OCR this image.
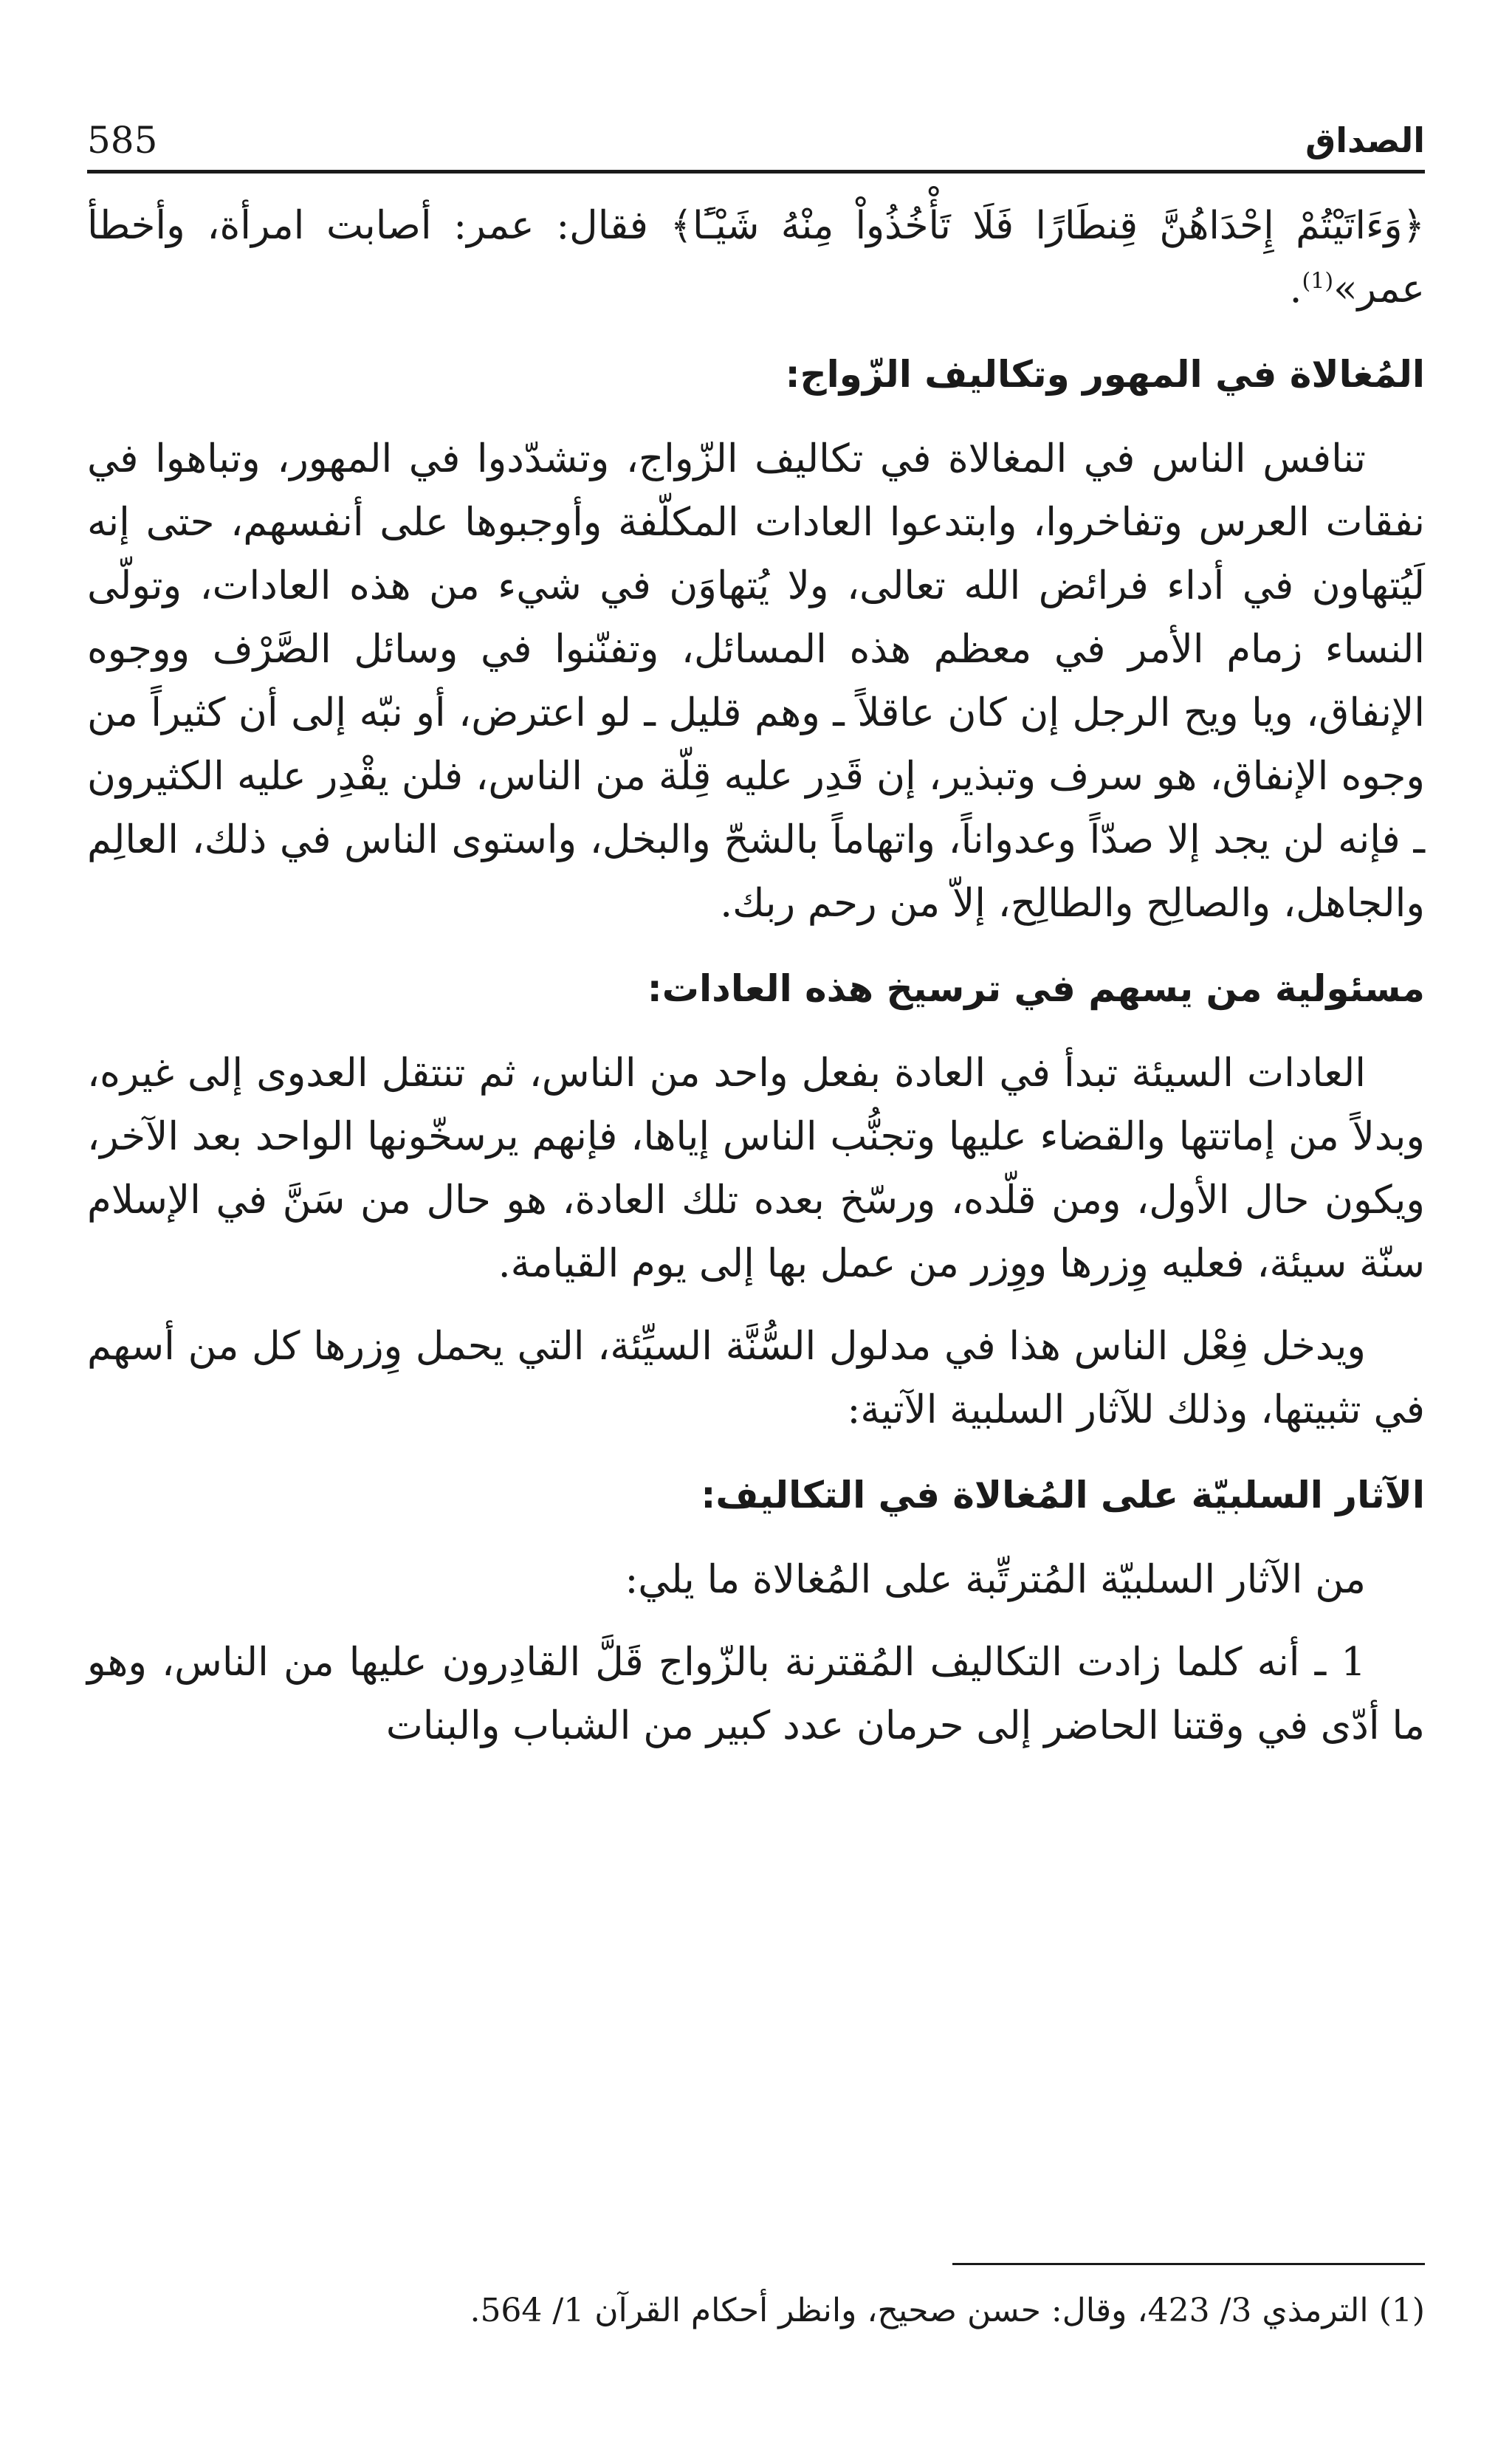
585	الصداق

﴿وَءَاتَيْتُمْ إِحْدَاهُنَّ قِنطَارًا فَلَا تَأْخُذُواْ مِنْهُ شَيْـًٔا﴾ فقال: عمر: أصابت امرأة، وأخطأ عمر»$^{(1)}$.

المُغالاة في المهور وتكاليف الزّواج:

تنافس الناس في المغالاة في تكاليف الزّواج، وتشدّدوا في المهور، وتباهوا في نفقات العرس وتفاخروا، وابتدعوا العادات المكلّفة وأوجبوها على أنفسهم، حتى إنه لَيُتهاون في أداء فرائض الله تعالى، ولا يُتهاوَن في شيء من هذه العادات، وتولّى النساء زمام الأمر في معظم هذه المسائل، وتفنّنوا في وسائل الصَّرْف ووجوه الإنفاق، ويا ويح الرجل إن كان عاقلاً ـ وهم قليل ـ لو اعترض، أو نبّه إلى أن كثيراً من وجوه الإنفاق، هو سرف وتبذير، إن قَدِر عليه قِلّة من الناس، فلن يقْدِر عليه الكثيرون ـ فإنه لن يجد إلا صدّاً وعدواناً، واتهاماً بالشحّ والبخل، واستوى الناس في ذلك، العالِم والجاهل، والصالِح والطالِح، إلاّ من رحم ربك.

مسئولية من يسهم في ترسيخ هذه العادات:

العادات السيئة تبدأ في العادة بفعل واحد من الناس، ثم تنتقل العدوى إلى غيره، وبدلاً من إماتتها والقضاء عليها وتجنُّب الناس إياها، فإنهم يرسخّونها الواحد بعد الآخر، ويكون حال الأول، ومن قلّده، ورسّخ بعده تلك العادة، هو حال من سَنَّ في الإسلام سنّة سيئة، فعليه وِزرها ووِزر من عمل بها إلى يوم القيامة.

ويدخل فِعْل الناس هذا في مدلول السُّنَّة السيِّئة، التي يحمل وِزرها كل من أسهم في تثبيتها، وذلك للآثار السلبية الآتية:

الآثار السلبيّة على المُغالاة في التكاليف:

من الآثار السلبيّة المُترتِّبة على المُغالاة ما يلي:

1 ـ أنه كلما زادت التكاليف المُقترنة بالزّواج قَلَّ القادِرون عليها من الناس، وهو ما أدّى في وقتنا الحاضر إلى حرمان عدد كبير من الشباب والبنات

(1) الترمذي 3/ 423، وقال: حسن صحيح، وانظر أحكام القرآن 1/ 564.
